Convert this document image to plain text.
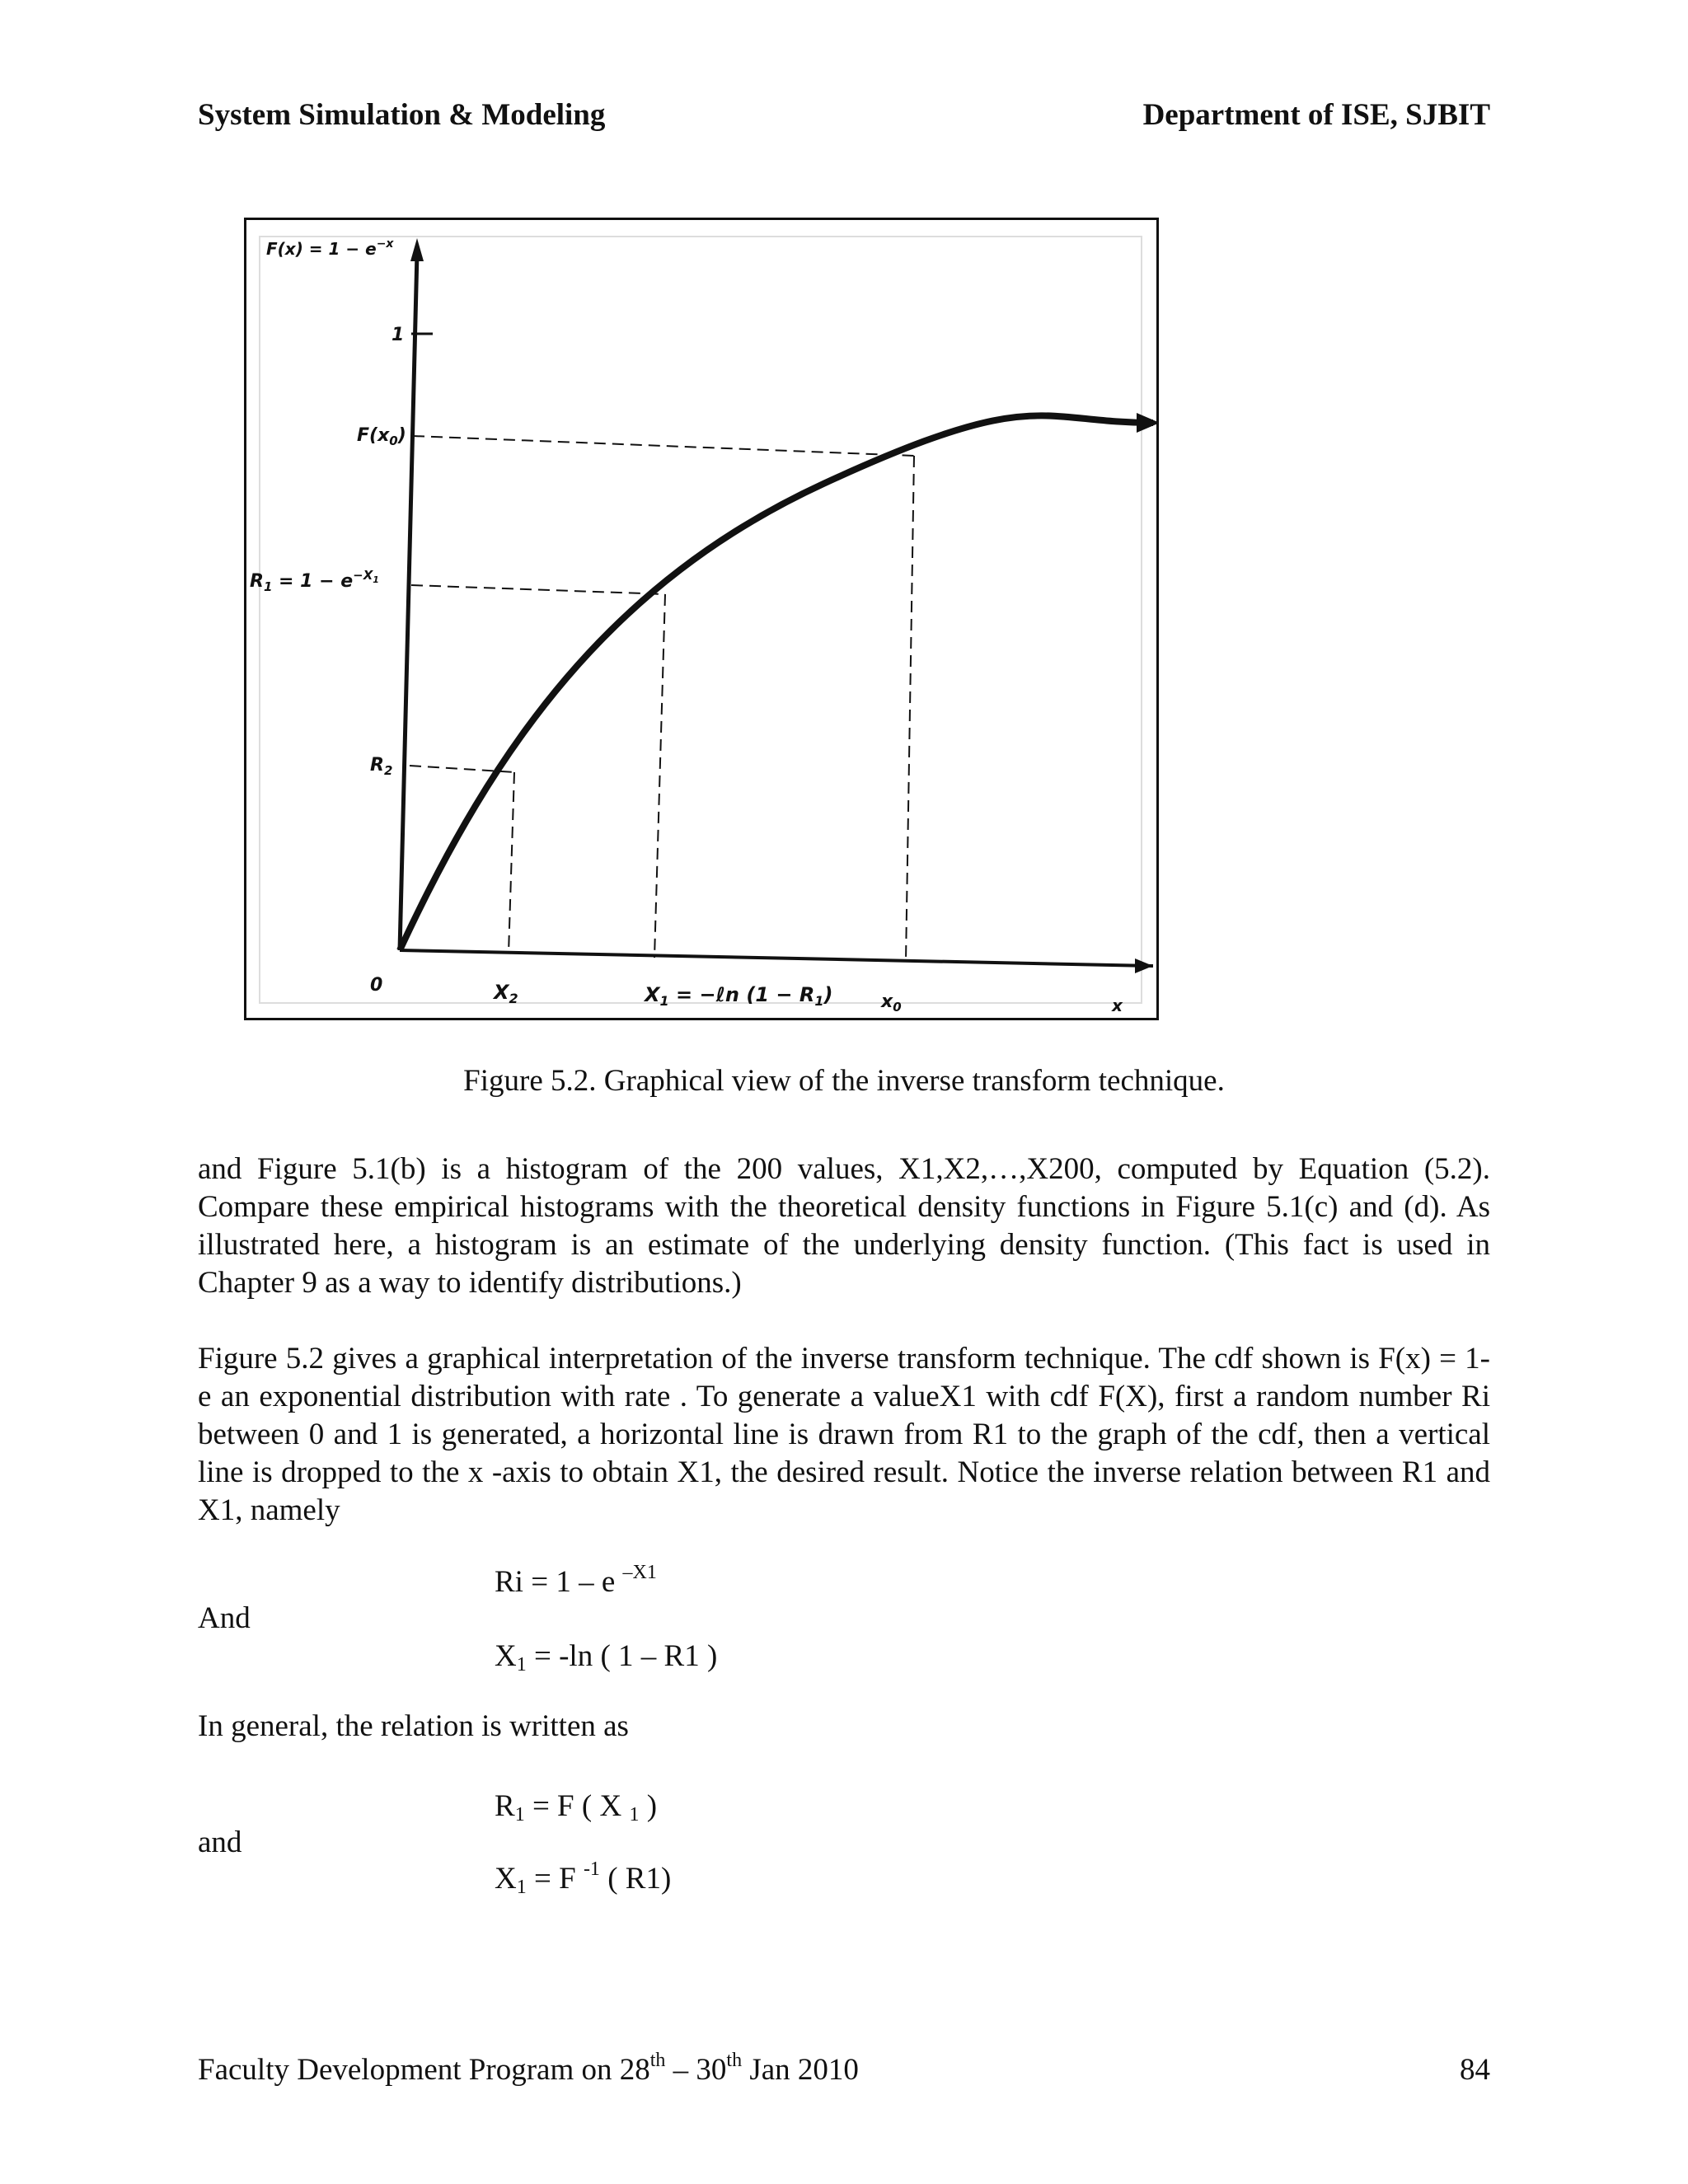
System Simulation & Modeling	Department of ISE, SJBIT
$F(x) = 1 - e^{-x}$
1
$F(x_0)$
$R_1 = 1 - e^{-X}1$
$R_2$
0	$X_2$	$X_1$ = −ℓn $(1 - R_1)$	$x_0$	x
Figure 5.2. Graphical view of the inverse transform technique.

and Figure 5.1(b) is a histogram of the 200 values, X1,X2,…,X200, computed by Equation (5.2). Compare these empirical histograms with the theoretical density functions in Figure 5.1(c) and (d). As illustrated here, a histogram is an estimate of the underlying density function. (This fact is used in Chapter 9 as a way to identify distributions.)

Figure 5.2 gives a graphical interpretation of the inverse transform technique. The cdf shown is F(x) = 1- e an exponential distribution with rate . To generate a valueX1 with cdf F(X), first a random number Ri between 0 and 1 is generated, a horizontal line is drawn from R1 to the graph of the cdf, then a vertical line is dropped to the x -axis to obtain X1, the desired result. Notice the inverse relation between R1 and X1, namely

Ri = 1 – e $^{-X1}$
And
X1 = -ln ( 1 – R1 )

In general, the relation is written as

R1 = F ( X 1 )
and
X1 = F $^{-1}$ ( R1)
Faculty Development Program on 28th – 30th Jan 2010	84
